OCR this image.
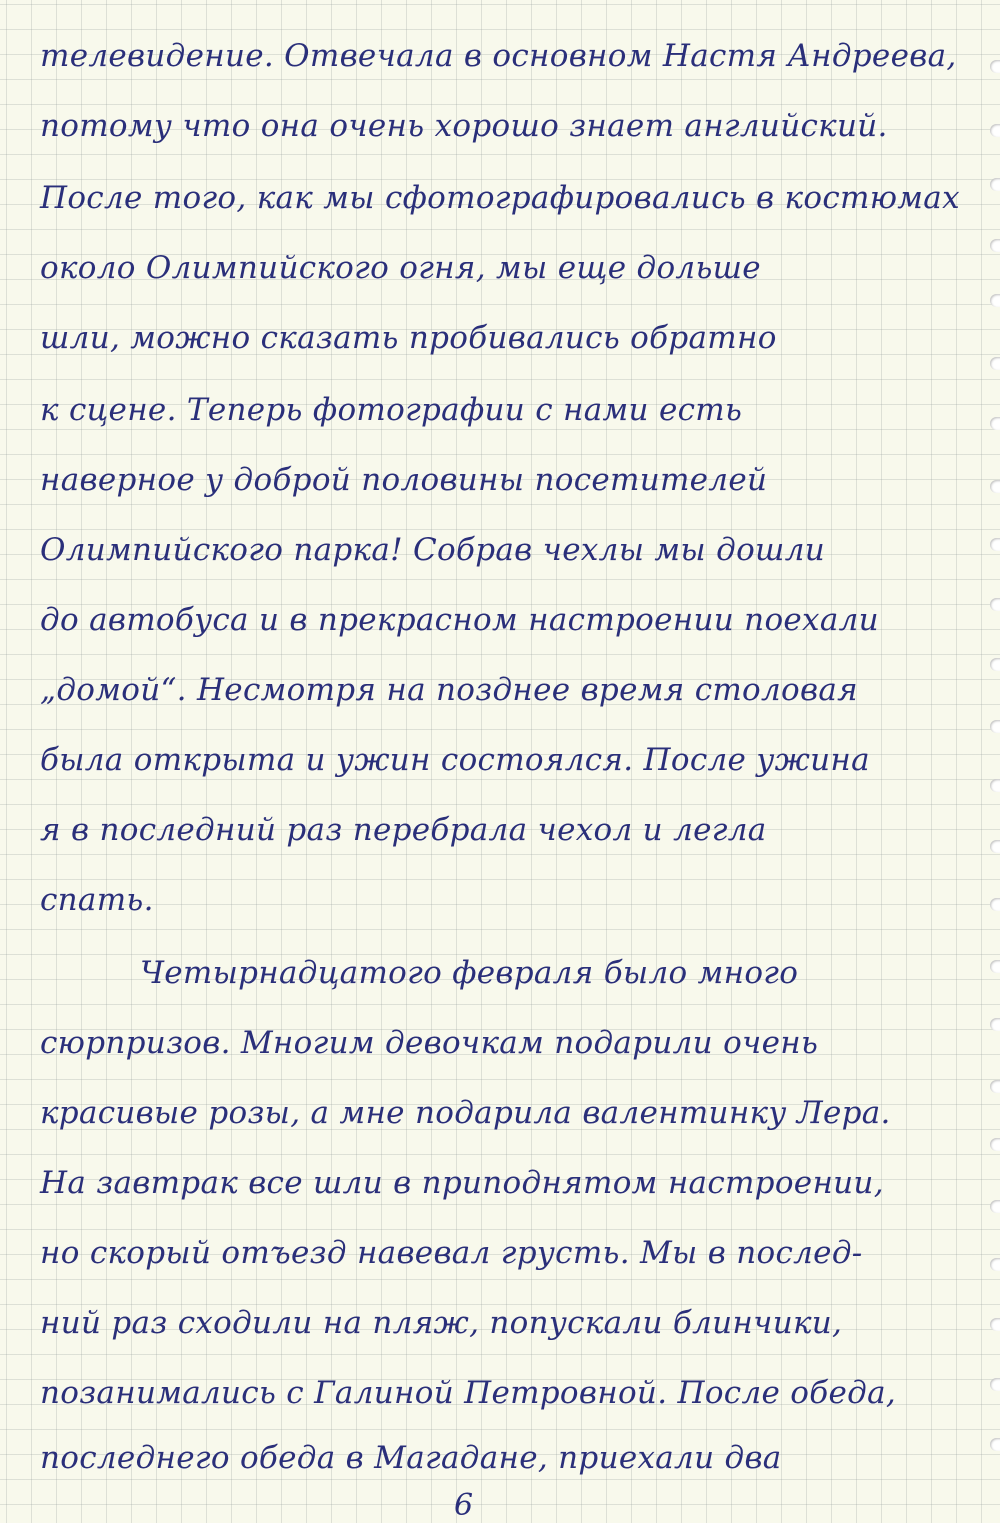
телевидение. Отвечала в основном Настя Андреева,
потому что она очень хорошо знает английский.
После того, как мы сфотографировались в костюмах
около Олимпийского огня, мы еще дольше
шли, можно сказать пробивались обратно
к сцене. Теперь фотографии с нами есть
наверное у доброй половины посетителей
Олимпийского парка! Собрав чехлы мы дошли
до автобуса и в прекрасном настроении поехали
„домой“. Несмотря на позднее время столовая
была открыта и ужин состоялся. После ужина
я в последний раз перебрала чехол и легла
спать.
Четырнадцатого февраля было много
сюрпризов. Многим девочкам подарили очень
красивые розы, а мне подарила валентинку Лера.
На завтрак все шли в приподнятом настроении,
но скорый отъезд навевал грусть. Мы в послед-
ний раз сходили на пляж, попускали блинчики,
позанимались с Галиной Петровной. После обеда,
последнего обеда в Магадане, приехали два
6
